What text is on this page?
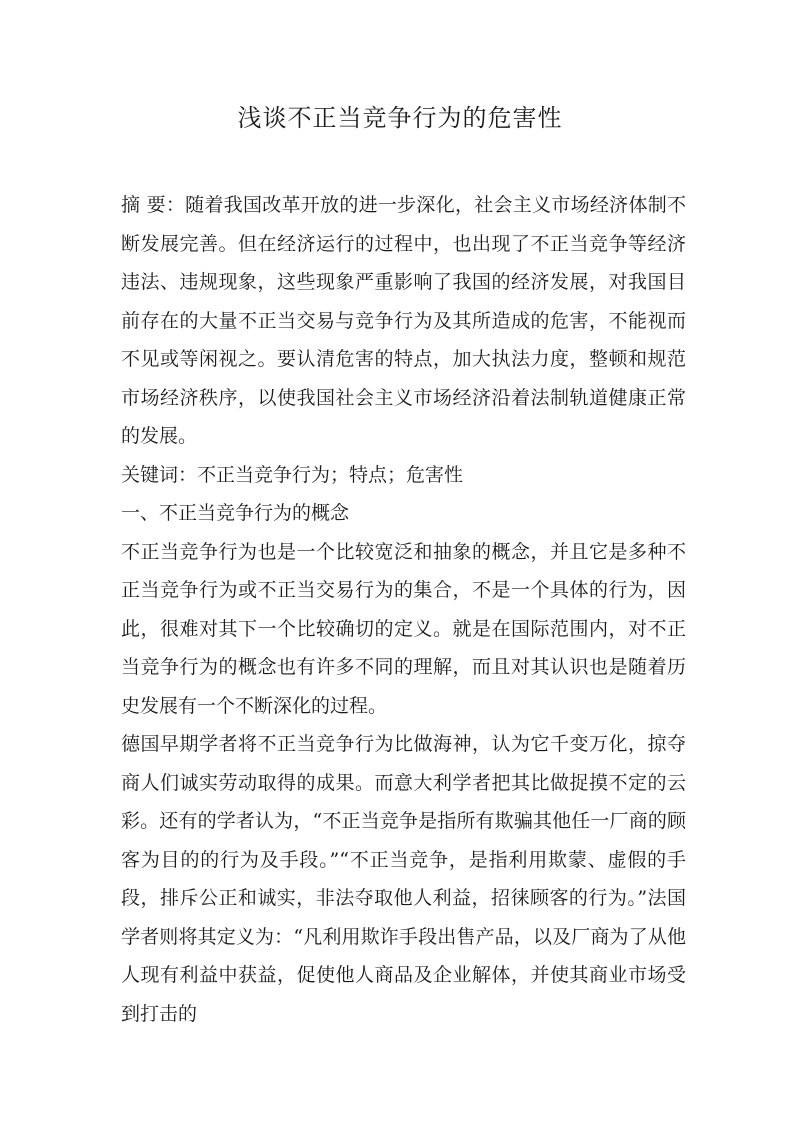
浅谈不正当竞争行为的危害性

摘 要：随着我国改革开放的进一步深化，社会主义市场经济体制不断发展完善。但在经济运行的过程中，也出现了不正当竞争等经济违法、违规现象，这些现象严重影响了我国的经济发展，对我国目前存在的大量不正当交易与竞争行为及其所造成的危害，不能视而不见或等闲视之。要认清危害的特点，加大执法力度，整顿和规范市场经济秩序，以使我国社会主义市场经济沿着法制轨道健康正常的发展。

关键词：不正当竞争行为；特点；危害性

一、不正当竞争行为的概念

不正当竞争行为也是一个比较宽泛和抽象的概念，并且它是多种不正当竞争行为或不正当交易行为的集合，不是一个具体的行为，因此，很难对其下一个比较确切的定义。就是在国际范围内，对不正当竞争行为的概念也有许多不同的理解，而且对其认识也是随着历史发展有一个不断深化的过程。

德国早期学者将不正当竞争行为比做海神，认为它千变万化，掠夺商人们诚实劳动取得的成果。而意大利学者把其比做捉摸不定的云彩。还有的学者认为，“不正当竞争是指所有欺骗其他任一厂商的顾客为目的的行为及手段。”“不正当竞争，是指利用欺蒙、虚假的手段，排斥公正和诚实，非法夺取他人利益，招徕顾客的行为。”法国学者则将其定义为：“凡利用欺诈手段出售产品，以及厂商为了从他人现有利益中获益，促使他人商品及企业解体，并使其商业市场受到打击的
